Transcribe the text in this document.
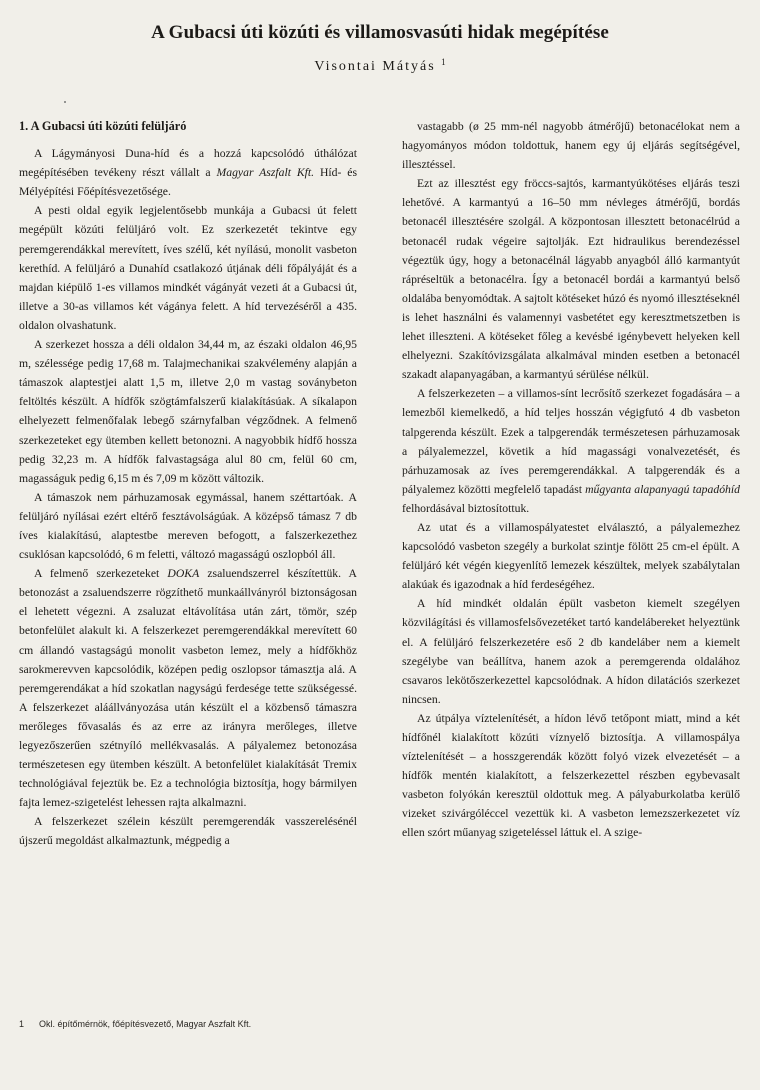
A Gubacsi úti közúti és villamosvasúti hidak megépítése
Visontai Mátyás $^1$
1. A Gubacsi úti közúti felüljáró

A Lágymányosi Duna-híd és a hozzá kapcsolódó úthálózat megépítésében tevékeny részt vállalt a Magyar Aszfalt Kft. Híd- és Mélyépítési Főépítésvezetősége.

A pesti oldal egyik legjelentősebb munkája a Gubacsi út felett megépült közúti felüljáró volt. Ez szerkezetét tekintve egy peremgerendákkal merevített, íves szélű, két nyílású, monolit vasbeton kerethíd. A felüljáró a Dunahíd csatlakozó útjának déli főpályáját és a majdan kiépülő 1-es villamos mindkét vágányát vezeti át a Gubacsi út, illetve a 30-as villamos két vágánya felett. A híd tervezéséről a 435. oldalon olvashatunk.

A szerkezet hossza a déli oldalon 34,44 m, az északi oldalon 46,95 m, szélessége pedig 17,68 m. Talajmechanikai szakvélemény alapján a támaszok alaptestjei alatt 1,5 m, illetve 2,0 m vastag soványbeton feltöltés készült. A hídfők szögtámfalszerű kialakításúak. A síkalapon elhelyezett felmenőfalak lebegő szárnyfalban végződnek. A felmenő szerkezeteket egy ütemben kellett betonozni. A nagyobbik hídfő hossza pedig 32,23 m. A hídfők falvastagsága alul 80 cm, felül 60 cm, magasságuk pedig 6,15 m és 7,09 m között változik.

A támaszok nem párhuzamosak egymással, hanem széttartóak. A felüljáró nyílásai ezért eltérő fesztávolságúak. A középső támasz 7 db íves kialakítású, alaptestbe mereven befogott, a falszerkezethez csuklósan kapcsolódó, 6 m feletti, változó magasságú oszlopból áll.

A felmenő szerkezeteket DOKA zsaluendszerrel készítettük. A betonozást a zsaluendszerre rögzíthető munkaállványról biztonságosan el lehetett végezni. A zsaluzat eltávolítása után zárt, tömör, szép betonfelület alakult ki. A felszerkezet peremgerendákkal merevített 60 cm állandó vastagságú monolit vasbeton lemez, mely a hídfőkhöz sarokmerevven kapcsolódik, középen pedig oszlopsor támasztja alá. A peremgerendákat a híd szokatlan nagyságú ferdesége tette szükségessé. A felszerkezet aláállványozása után készült el a közbenső támaszra merőleges fővasalás és az erre az irányra merőleges, illetve legyezőszerűen szétnyíló mellékvasalás. A pályalemez betonozása természetesen egy ütemben készült. A betonfelület kialakítását Tremix technológiával fejeztük be. Ez a technológia biztosítja, hogy bármilyen fajta lemez-szigetelést lehessen rajta alkalmazni.

A felszerkezet szélein készült peremgerendák vasszerelésénél újszerű megoldást alkalmaztunk, mégpedig a

vastagabb (ø 25 mm-nél nagyobb átmérőjű) betonacélokat nem a hagyományos módon toldottuk, hanem egy új eljárás segítségével, illesztéssel.

Ezt az illesztést egy fröccs-sajtós, karmantyúkötéses eljárás teszi lehetővé. A karmantyú a 16–50 mm névleges átmérőjű, bordás betonacél illesztésére szolgál. A központosan illesztett betonacélrúd a betonacél rudak végeire sajtolják. Ezt hidraulikus berendezéssel végeztük úgy, hogy a betonacélnál lágyabb anyagból álló karmantyút rápréseltük a betonacélra. Így a betonacél bordái a karmantyú belső oldalába benyomódtak. A sajtolt kötéseket húzó és nyomó illesztéseknél is lehet használni és valamennyi vasbetétet egy keresztmetszetben is lehet illeszteni. A kötéseket főleg a kevésbé igénybevett helyeken kell elhelyezni. Szakítóvizsgálata alkalmával minden esetben a betonacél szakadt alapanyagában, a karmantyú sérülése nélkül.

A felszerkezeten – a villamos-sínt lecrősítő szerkezet fogadására – a lemezből kiemelkedő, a híd teljes hosszán végigfutó 4 db vasbeton talpgerenda készült. Ezek a talpgerendák természetesen párhuzamosak a pályalemezzel, követik a híd magassági vonalvezetését, és párhuzamosak az íves peremgerendákkal. A talpgerendák és a pályalemez közötti megfelelő tapadást műgyanta alapanyagú tapadóhíd felhordásával biztosítottuk.

Az utat és a villamospályatestet elválasztó, a pályalemezhez kapcsolódó vasbeton szegély a burkolat szintje fölött 25 cm-el épült. A felüljáró két végén kiegyenlítő lemezek készültek, melyek szabálytalan alakúak és igazodnak a híd ferdeségéhez.

A híd mindkét oldalán épült vasbeton kiemelt szegélyen közvilágítási és villamosfelsővezetéket tartó kandelábereket helyeztünk el. A felüljáró felszerkezetére eső 2 db kandeláber nem a kiemelt szegélybe van beállítva, hanem azok a peremgerenda oldalához csavaros lekötőszerkezettel kapcsolódnak. A hídon dilatációs szerkezet nincsen.

Az útpálya víztelenítését, a hídon lévő tetőpont miatt, mind a két hídfőnél kialakított közúti víznyelő biztosítja. A villamospálya víztelenítését – a hosszgerendák között folyó vizek elvezetését – a hídfők mentén kialakított, a felszerkezettel részben egybevasalt vasbeton folyókán keresztül oldottuk meg. A pályaburkolatba kerülő vizeket szivárgóléccel vezettük ki. A vasbeton lemezszerkezetet víz ellen szórt műanyag szigeteléssel láttuk el. A szige-

1 Okl. építőmérnök, főépítésvezető, Magyar Aszfalt Kft.
